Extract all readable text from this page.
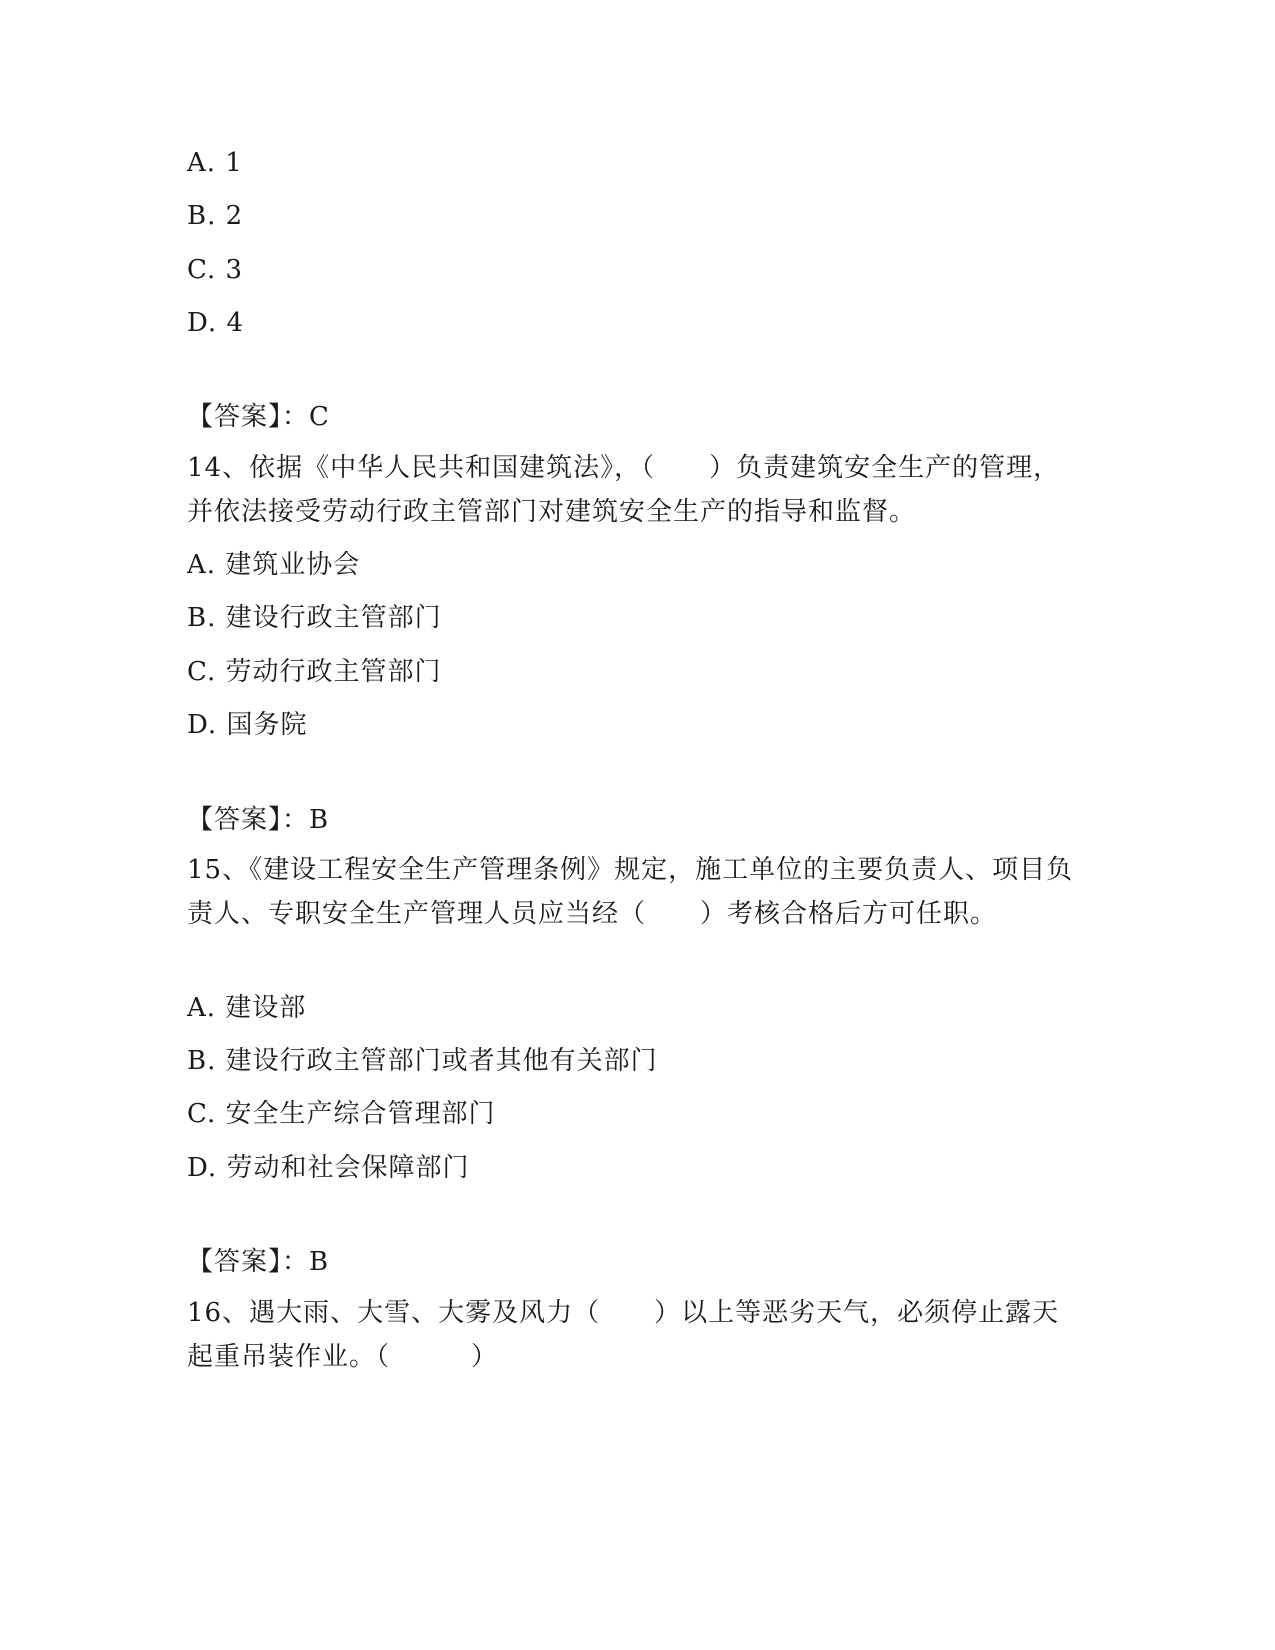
A. 1
B. 2
C. 3
D. 4
【答案】：C
14、依据《中华人民共和国建筑法》，（　　）负责建筑安全生产的管理，并依法接受劳动行政主管部门对建筑安全生产的指导和监督。
A. 建筑业协会
B. 建设行政主管部门
C. 劳动行政主管部门
D. 国务院
【答案】：B
15、《建设工程安全生产管理条例》规定，施工单位的主要负责人、项目负责人、专职安全生产管理人员应当经（　　）考核合格后方可任职。
A. 建设部
B. 建设行政主管部门或者其他有关部门
C. 安全生产综合管理部门
D. 劳动和社会保障部门
【答案】：B
16、遇大雨、大雪、大雾及风力（　　）以上等恶劣天气，必须停止露天起重吊装作业。（　　　）
